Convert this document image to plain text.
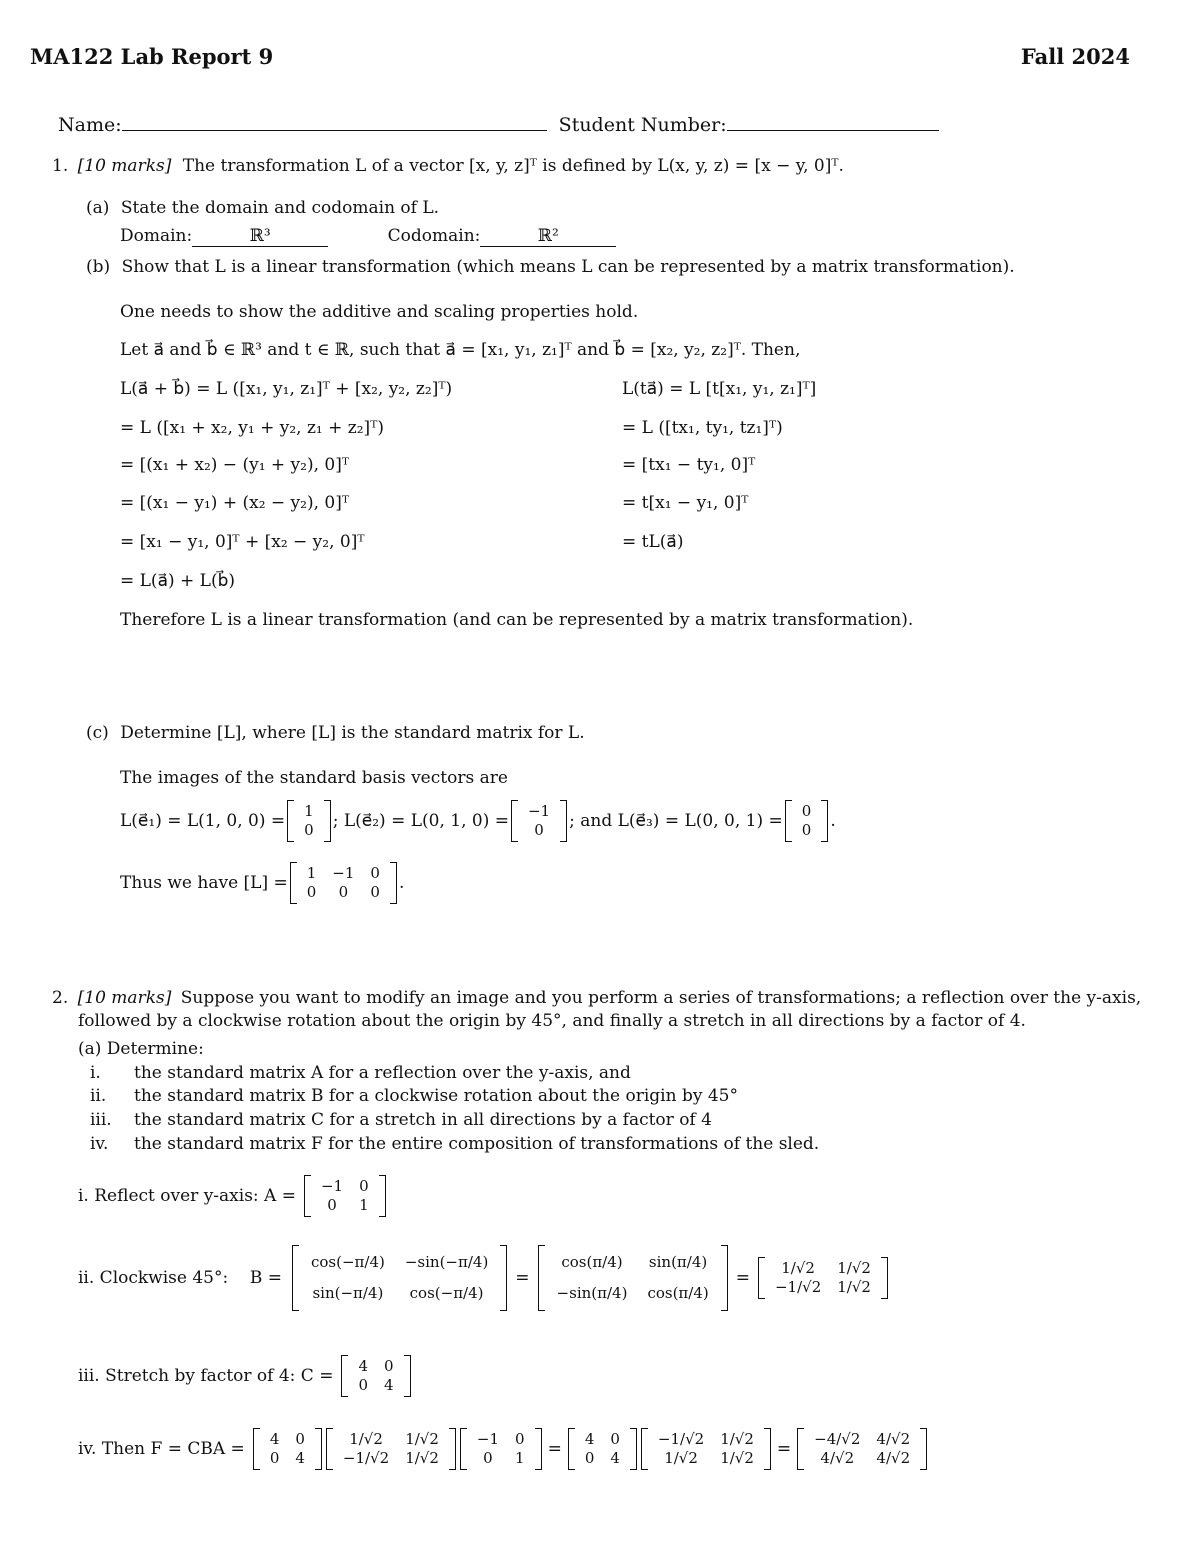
MA122 Lab Report 9	Fall 2024
Name:	Student Number:
1. [10 marks] The transformation L of a vector [x, y, z]ᵀ is defined by L(x, y, z) = [x − y, 0]ᵀ.
(a) State the domain and codomain of L.
Domain:	ℝ³	Codomain:	ℝ²
(b) Show that L is a linear transformation (which means L can be represented by a matrix transformation).
One needs to show the additive and scaling properties hold.
Let a⃗ and b⃗ ∈ ℝ³ and t ∈ ℝ, such that a⃗ = [x₁, y₁, z₁]ᵀ and b⃗ = [x₂, y₂, z₂]ᵀ. Then,
L(a⃗ + b⃗) = L ([x₁, y₁, z₁]ᵀ + [x₂, y₂, z₂]ᵀ)
= L ([x₁ + x₂, y₁ + y₂, z₁ + z₂]ᵀ)
= [(x₁ + x₂) − (y₁ + y₂), 0]ᵀ
= [(x₁ − y₁) + (x₂ − y₂), 0]ᵀ
= [x₁ − y₁, 0]ᵀ + [x₂ − y₂, 0]ᵀ
= L(a⃗) + L(b⃗)
L(ta⃗) = L [t[x₁, y₁, z₁]ᵀ]
= L ([tx₁, ty₁, tz₁]ᵀ)
= [tx₁ − ty₁, 0]ᵀ
= t[x₁ − y₁, 0]ᵀ
= tL(a⃗)
Therefore L is a linear transformation (and can be represented by a matrix transformation).
(c) Determine [L], where [L] is the standard matrix for L.
The images of the standard basis vectors are
L(e⃗₁) = L(1, 0, 0) = 1
0 ; L(e⃗₂) = L(0, 1, 0) = −1
0 ; and L(e⃗₃) = L(0, 0, 1) = 0
0 .
Thus we have [L] = 1	−1	0
0	0	0 .
2. [10 marks] Suppose you want to modify an image and you perform a series of transformations; a reflection over the y-axis,
followed by a clockwise rotation about the origin by 45°, and finally a stretch in all directions by a factor of 4.
(a) Determine:
i. the standard matrix A for a reflection over the y-axis, and
ii. the standard matrix B for a clockwise rotation about the origin by 45°
iii. the standard matrix C for a stretch in all directions by a factor of 4
iv. the standard matrix F for the entire composition of transformations of the sled.
i. Reflect over y-axis: A = −1	0
0	1
ii. Clockwise 45°:    B =
cos(−π/4)	−sin(−π/4)
sin(−π/4)	cos(−π/4)
=
cos(π/4)	sin(π/4)
−sin(π/4)	cos(π/4)
= 1/√2	1/√2
−1/√2	1/√2
iii. Stretch by factor of 4: C = 4	0
0	4
iv. Then F = CBA = 4	0
0	4
1/√2	1/√2
−1/√2	1/√2
−1	0
0	1 = 4	0
0	4
−1/√2	1/√2
1/√2	1/√2 = −4/√2	4/√2
4/√2	4/√2
